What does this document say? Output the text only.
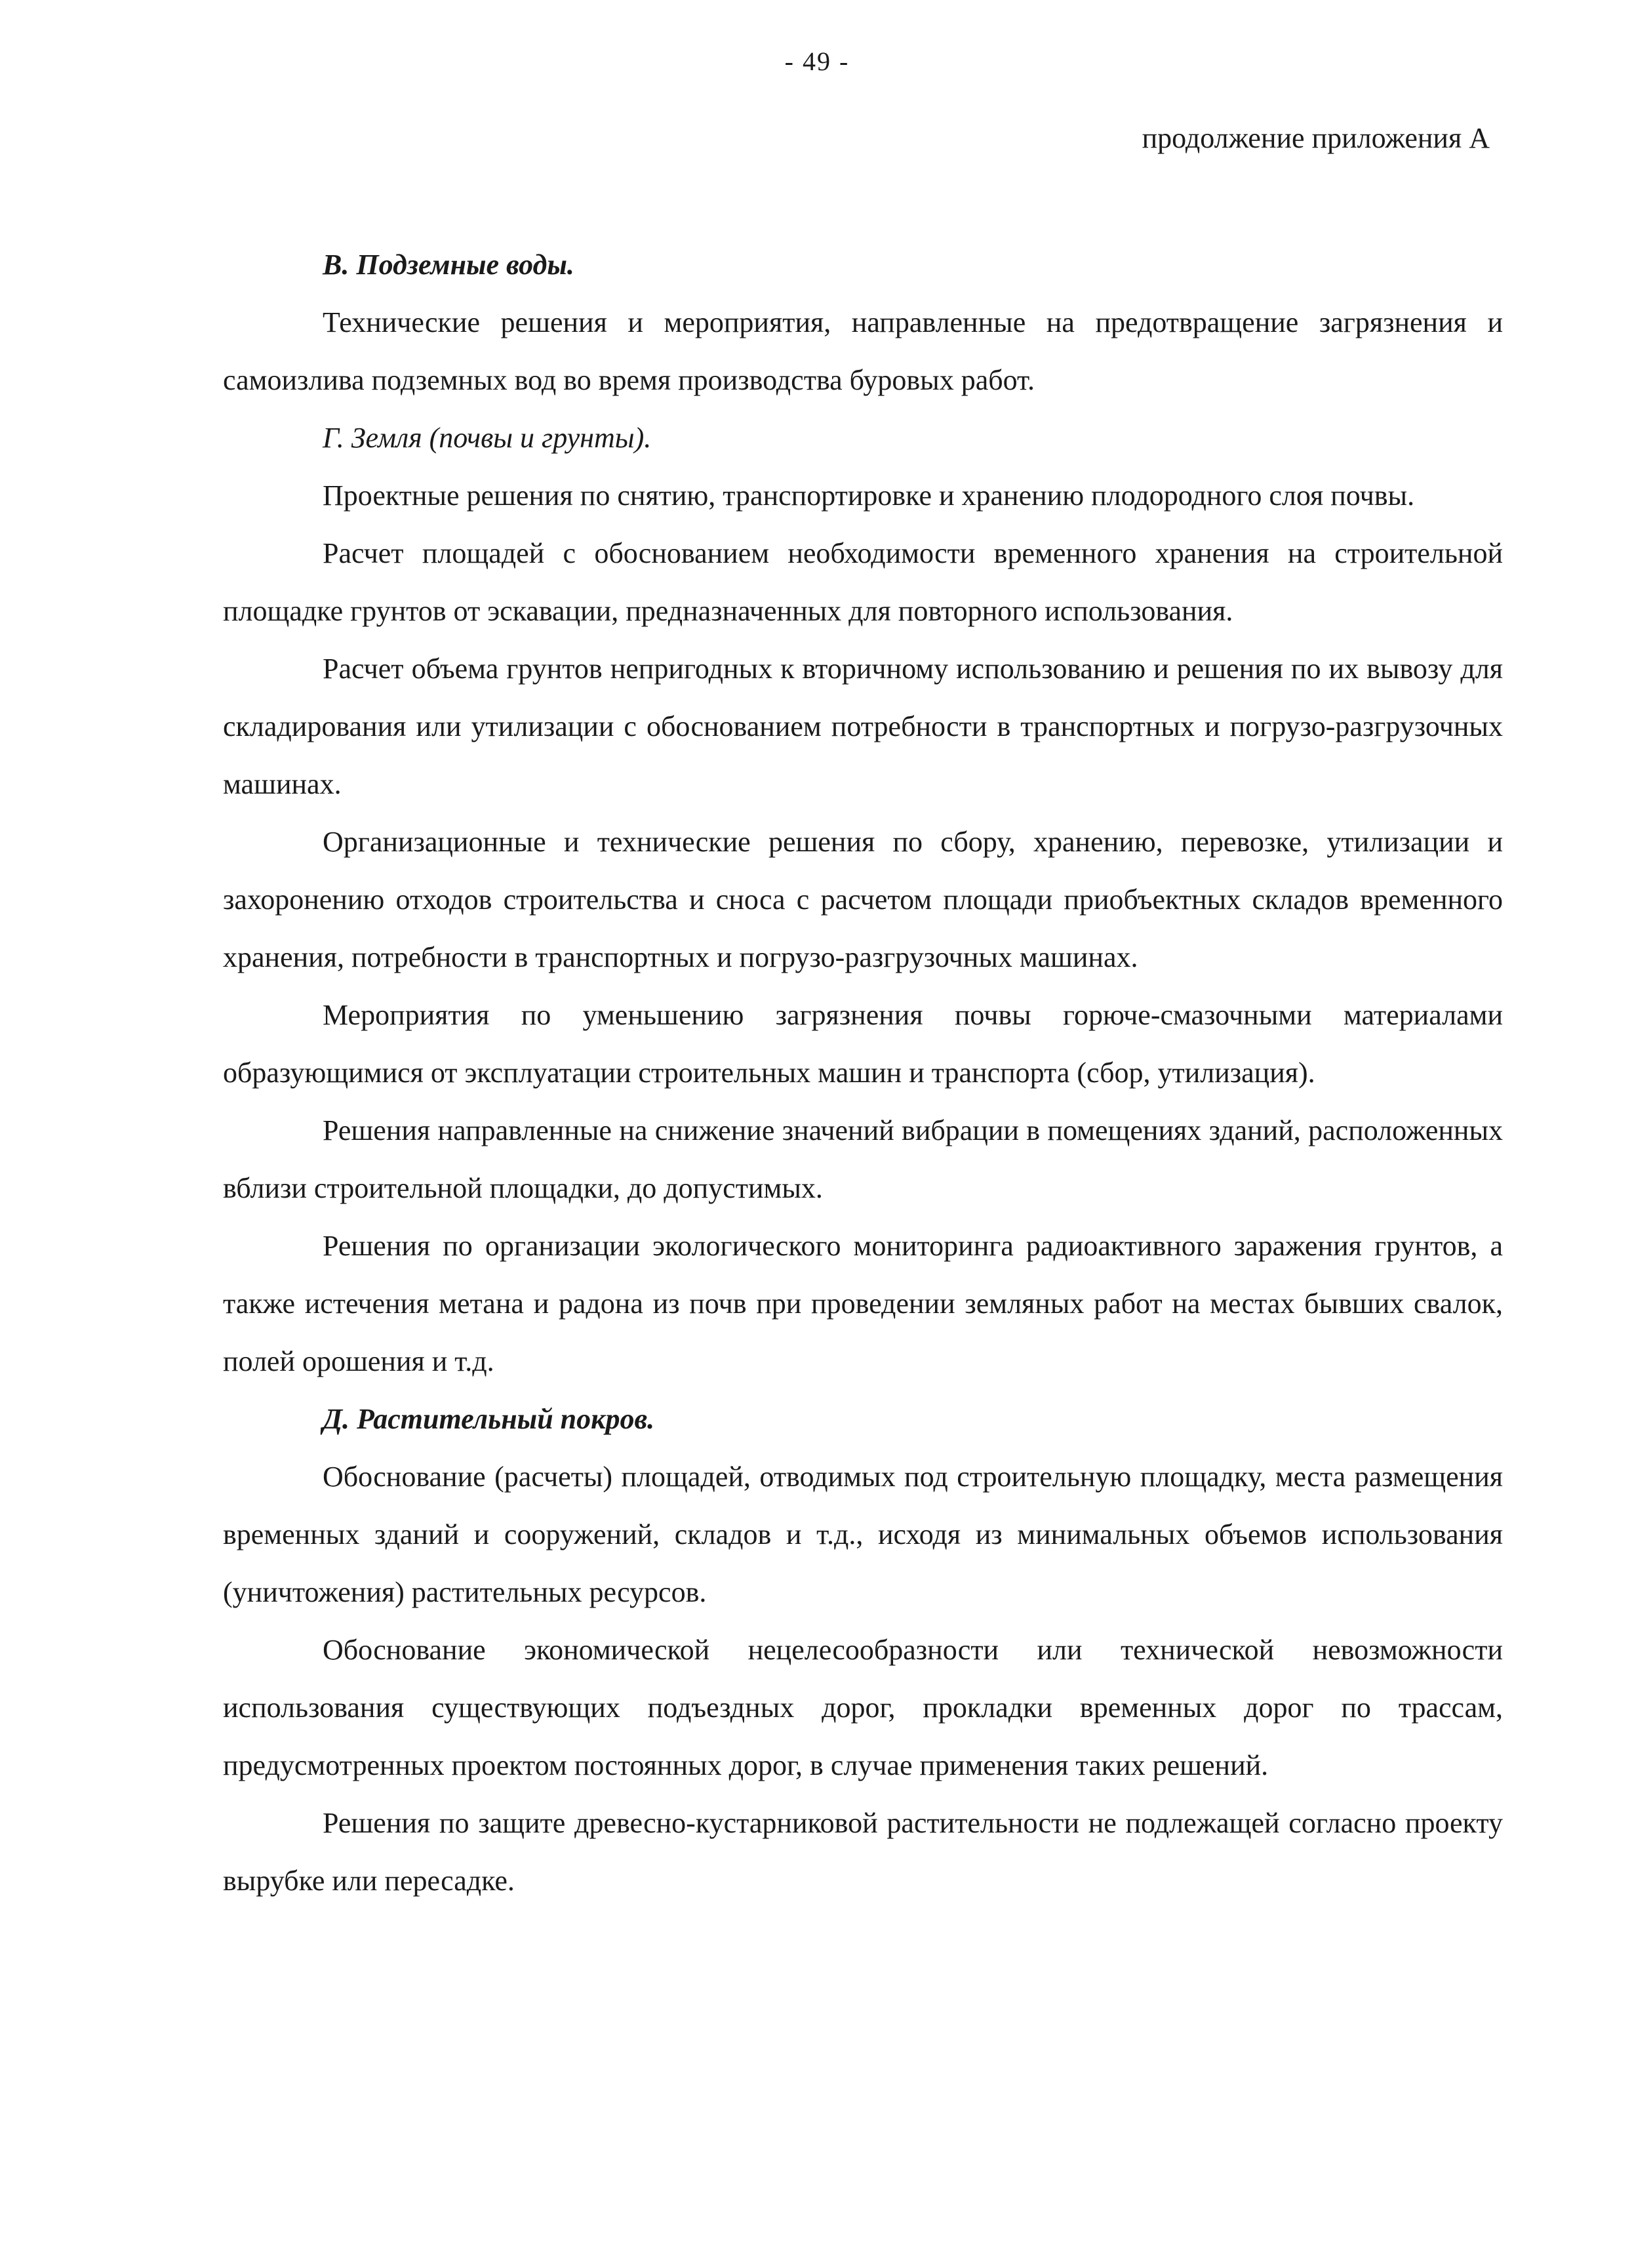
- 49 -
продолжение приложения А
В. Подземные воды.

Технические решения и мероприятия, направленные на предотвращение загрязнения и самоизлива подземных вод во время производства буровых работ.

Г. Земля (почвы и грунты).

Проектные решения по снятию, транспортировке и хранению плодородного слоя почвы.

Расчет площадей с обоснованием необходимости временного хранения на строительной площадке грунтов от эскавации, предназначенных для повторного использования.

Расчет объема грунтов непригодных к вторичному использованию и решения по их вывозу для складирования или утилизации с обоснованием потребности в транспортных и погрузо-разгрузочных машинах.

Организационные и технические решения по сбору, хранению, перевозке, утилизации и захоронению отходов строительства и сноса с расчетом площади приобъектных складов временного хранения, потребности в транспортных и погрузо-разгрузочных машинах.

Мероприятия по уменьшению загрязнения почвы горюче-смазочными материалами образующимися от эксплуатации строительных машин и транспорта (сбор, утилизация).

Решения направленные на снижение значений вибрации в помещениях зданий, расположенных вблизи строительной площадки, до допустимых.

Решения по организации экологического мониторинга радиоактивного заражения грунтов, а также истечения метана и радона из почв при проведении земляных работ на местах бывших свалок, полей орошения и т.д.

Д. Растительный покров.

Обоснование (расчеты) площадей, отводимых под строительную площадку, места размещения временных зданий и сооружений, складов и т.д., исходя из минимальных объемов использования (уничтожения) растительных ресурсов.

Обоснование экономической нецелесообразности или технической невозможности использования существующих подъездных дорог, прокладки временных дорог по трассам, предусмотренных проектом постоянных дорог, в случае применения таких решений.

Решения по защите древесно-кустарниковой растительности не подлежащей согласно проекту вырубке или пересадке.
